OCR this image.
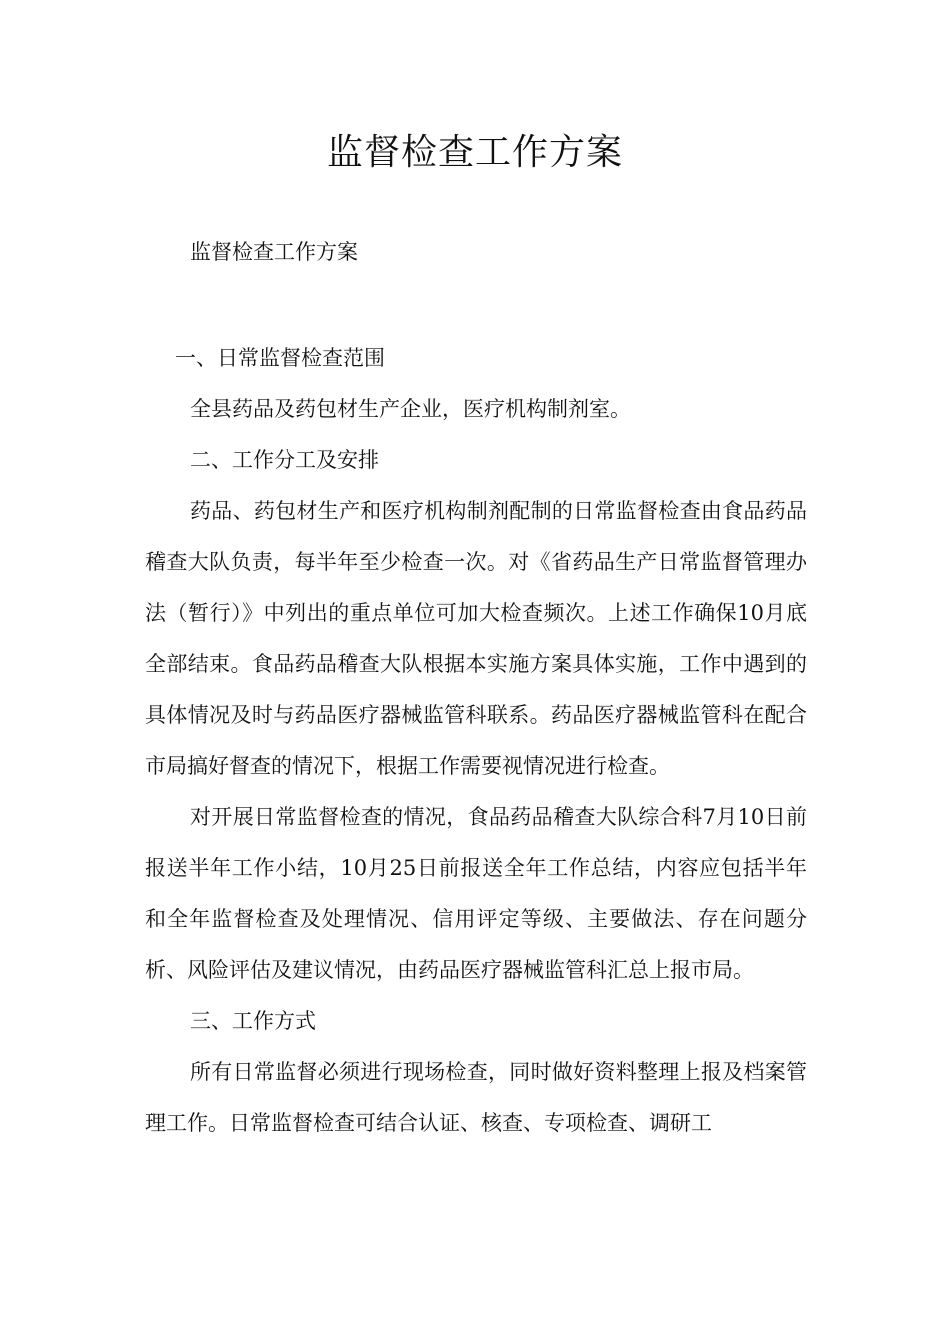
监督检查工作方案

监督检查工作方案

一、日常监督检查范围

全县药品及药包材生产企业，医疗机构制剂室。

二、工作分工及安排

药品、药包材生产和医疗机构制剂配制的日常监督检查由食品药品稽查大队负责，每半年至少检查一次。对《省药品生产日常监督管理办法（暂行）》中列出的重点单位可加大检查频次。上述工作确保10月底全部结束。食品药品稽查大队根据本实施方案具体实施，工作中遇到的具体情况及时与药品医疗器械监管科联系。药品医疗器械监管科在配合市局搞好督查的情况下，根据工作需要视情况进行检查。

对开展日常监督检查的情况，食品药品稽查大队综合科7月10日前报送半年工作小结，10月25日前报送全年工作总结，内容应包括半年和全年监督检查及处理情况、信用评定等级、主要做法、存在问题分析、风险评估及建议情况，由药品医疗器械监管科汇总上报市局。

三、工作方式

所有日常监督必须进行现场检查，同时做好资料整理上报及档案管理工作。日常监督检查可结合认证、核查、专项检查、调研工
